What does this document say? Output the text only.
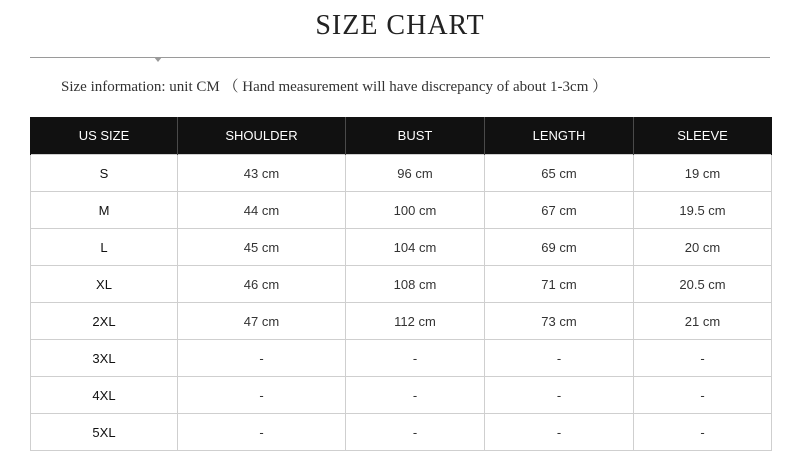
SIZE CHART
Size information: unit CM （ Hand measurement will have discrepancy of about 1-3cm ）
US SIZE	SHOULDER	BUST	LENGTH	SLEEVE
S	43 cm	96 cm	65 cm	19 cm
M	44 cm	100 cm	67 cm	19.5 cm
L	45 cm	104 cm	69 cm	20 cm
XL	46 cm	108 cm	71 cm	20.5 cm
2XL	47 cm	112 cm	73 cm	21 cm
3XL	-	-	-	-
4XL	-	-	-	-
5XL	-	-	-	-
